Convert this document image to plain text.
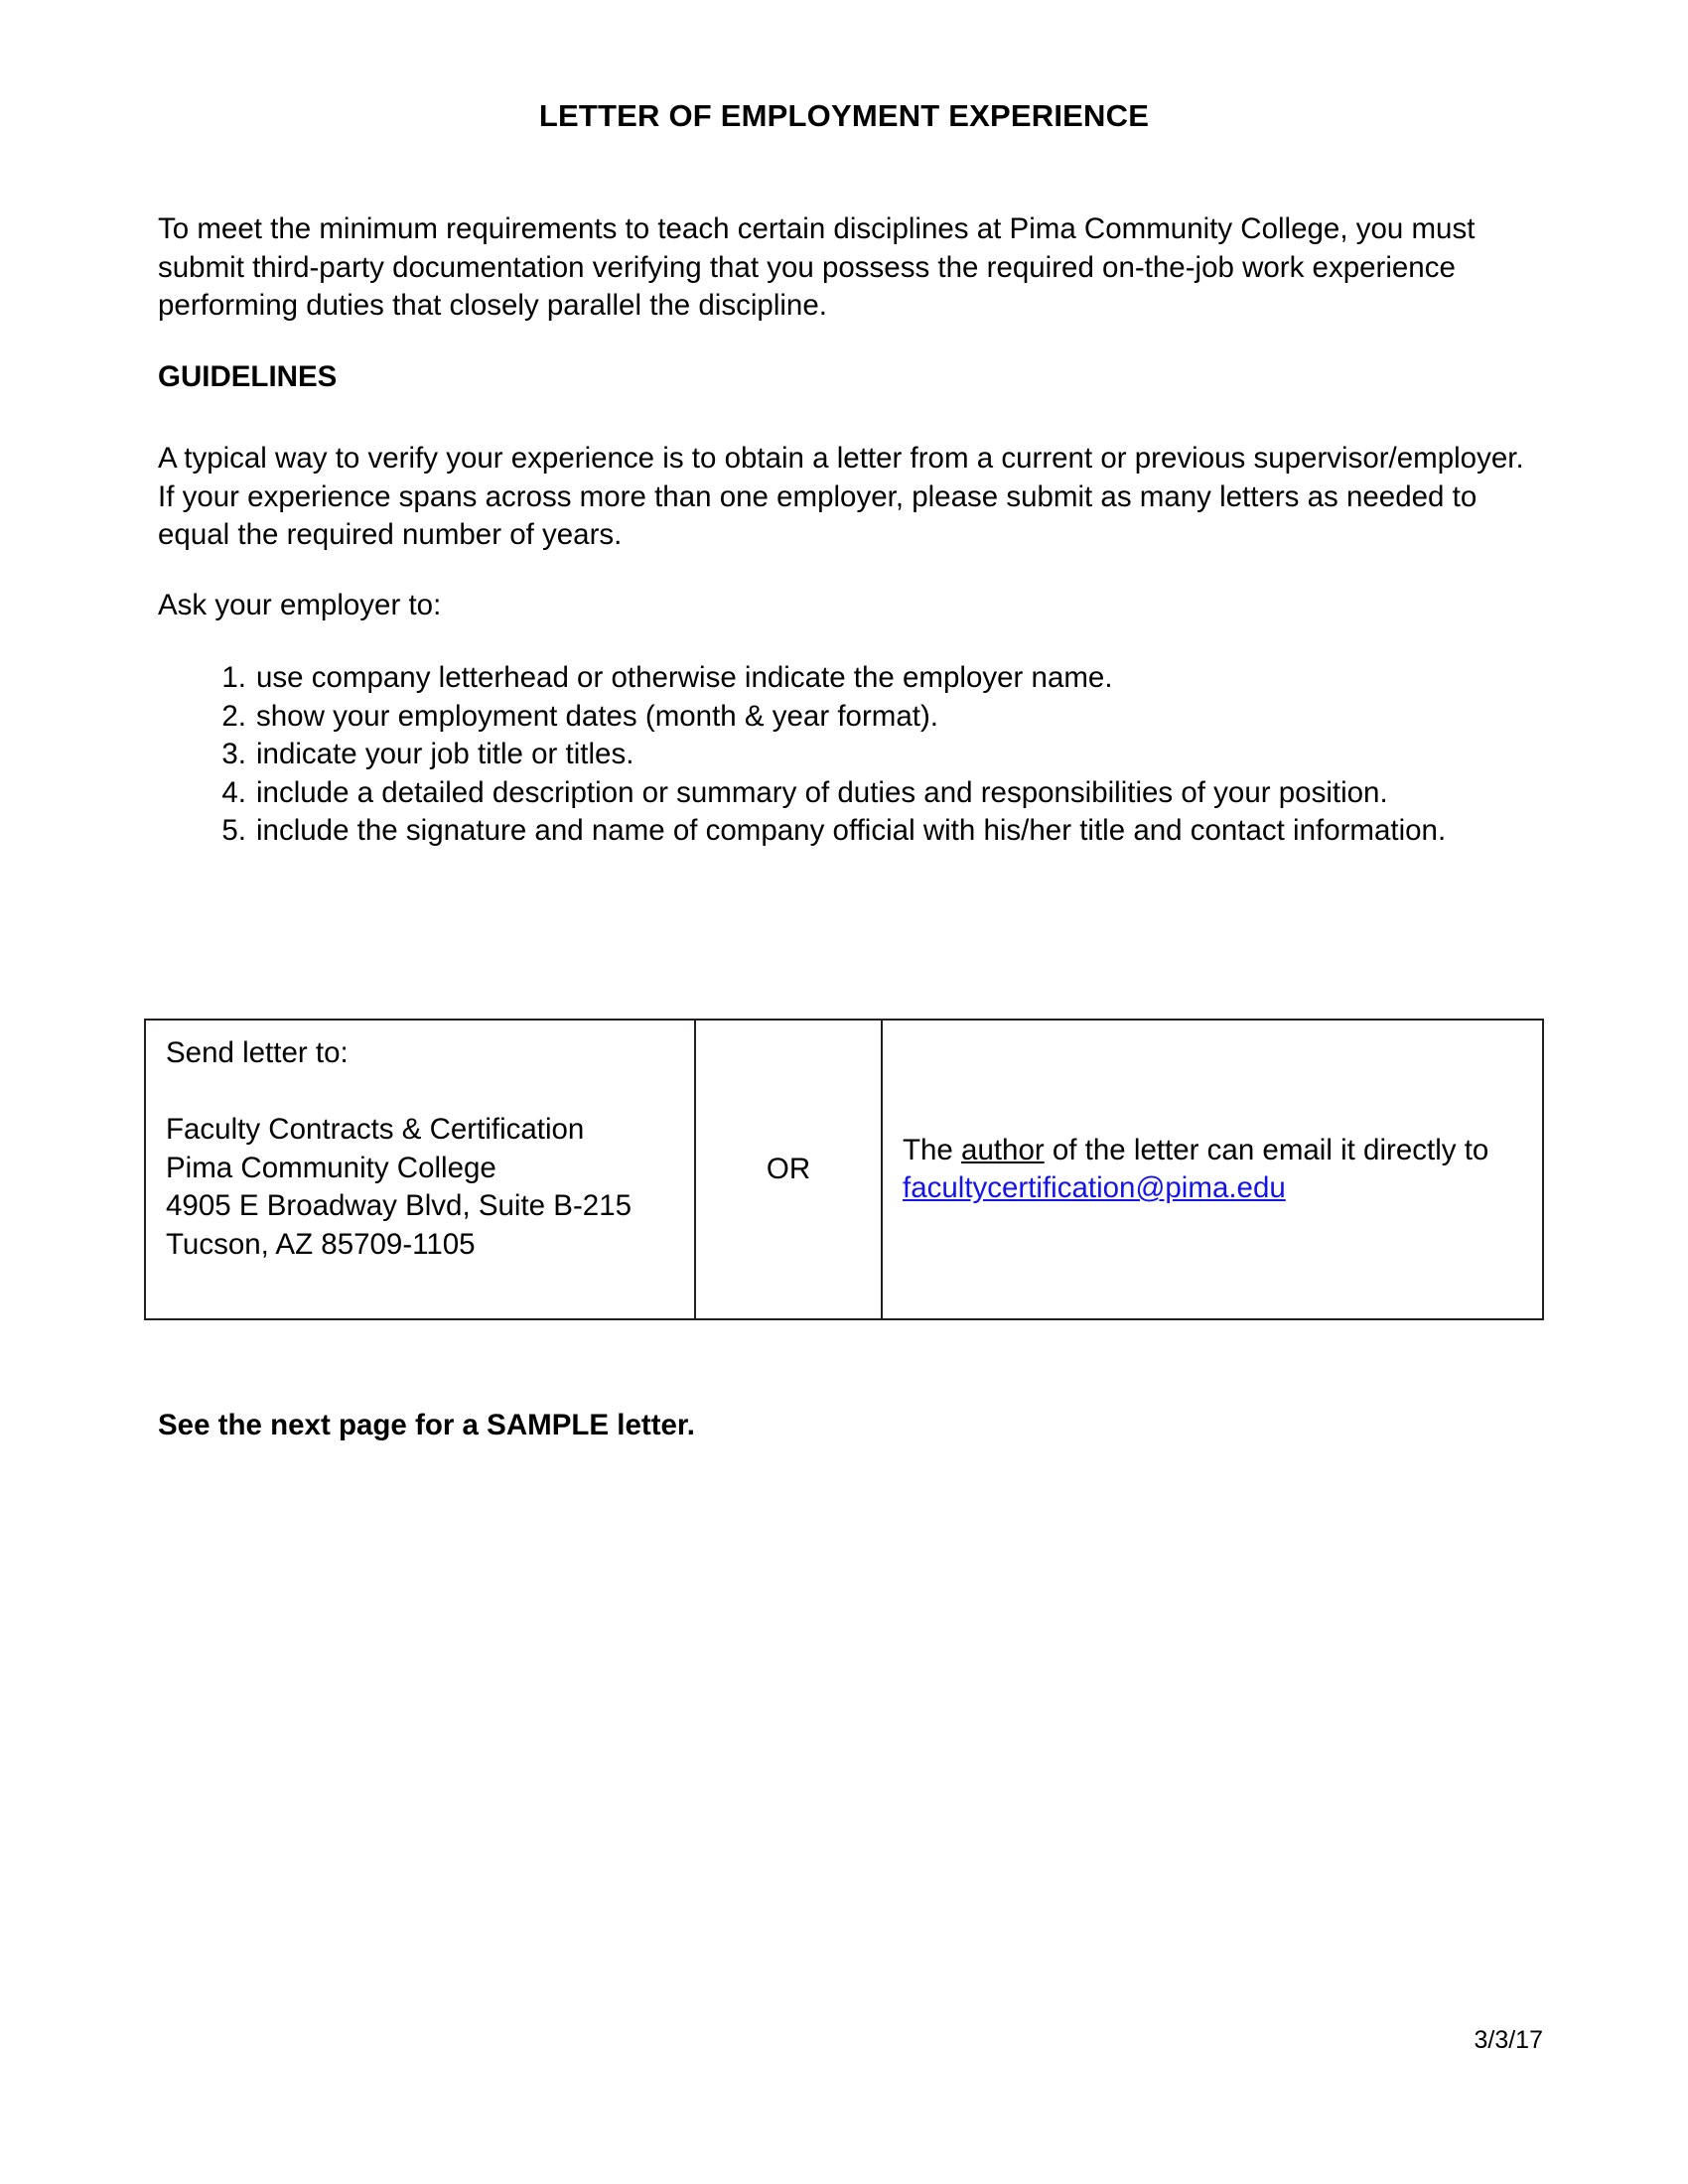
LETTER OF EMPLOYMENT EXPERIENCE
To meet the minimum requirements to teach certain disciplines at Pima Community College, you must submit third-party documentation verifying that you possess the required on-the-job work experience performing duties that closely parallel the discipline.
GUIDELINES
A typical way to verify your experience is to obtain a letter from a current or previous supervisor/employer. If your experience spans across more than one employer, please submit as many letters as needed to equal the required number of years.
Ask your employer to:
1. use company letterhead or otherwise indicate the employer name.
2. show your employment dates (month & year format).
3. indicate your job title or titles.
4. include a detailed description or summary of duties and responsibilities of your position.
5. include the signature and name of company official with his/her title and contact information.
Send letter to:
Faculty Contracts & Certification
Pima Community College
4905 E Broadway Blvd, Suite B-215
Tucson, AZ 85709-1105
	OR	The author of the letter can email it directly to facultycertification@pima.edu
See the next page for a SAMPLE letter.
3/3/17
